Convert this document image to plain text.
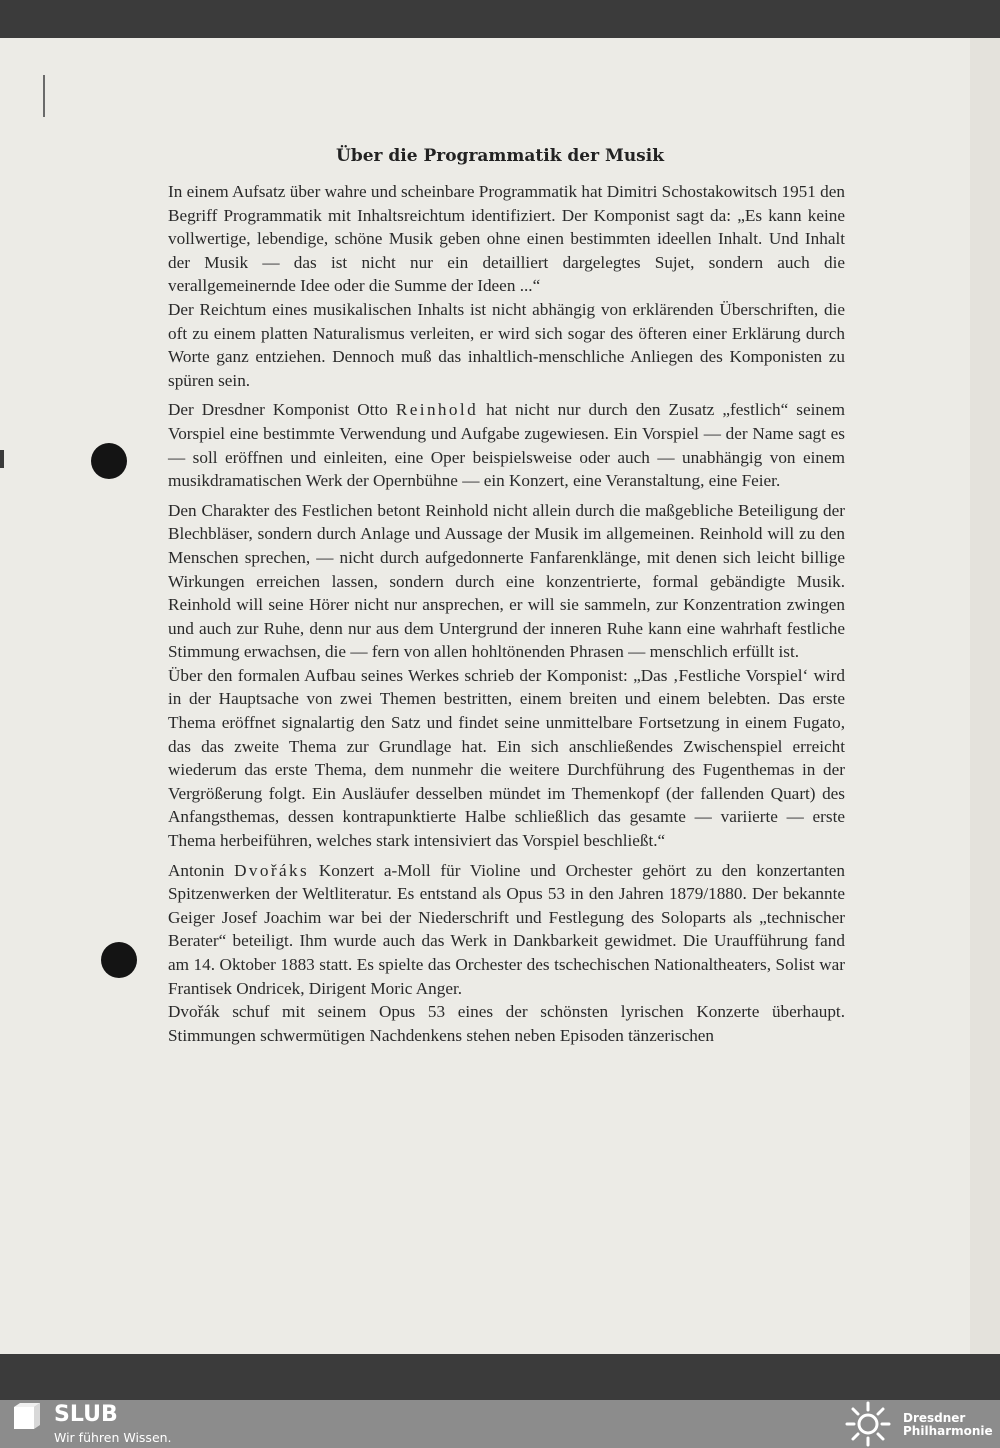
Über die Programmatik der Musik

In einem Aufsatz über wahre und scheinbare Programmatik hat Dimitri Schostakowitsch 1951 den Begriff Programmatik mit Inhaltsreichtum identifiziert. Der Komponist sagt da: „Es kann keine vollwertige, lebendige, schöne Musik geben ohne einen bestimmten ideellen Inhalt. Und Inhalt der Musik — das ist nicht nur ein detailliert dargelegtes Sujet, sondern auch die verallgemeinernde Idee oder die Summe der Ideen ...“

Der Reichtum eines musikalischen Inhalts ist nicht abhängig von erklärenden Überschriften, die oft zu einem platten Naturalismus verleiten, er wird sich sogar des öfteren einer Erklärung durch Worte ganz entziehen. Dennoch muß das inhaltlich-menschliche Anliegen des Komponisten zu spüren sein.

Der Dresdner Komponist Otto Reinhold hat nicht nur durch den Zusatz „festlich“ seinem Vorspiel eine bestimmte Verwendung und Aufgabe zugewiesen. Ein Vorspiel — der Name sagt es — soll eröffnen und einleiten, eine Oper beispielsweise oder auch — unabhängig von einem musikdramatischen Werk der Opernbühne — ein Konzert, eine Veranstaltung, eine Feier.

Den Charakter des Festlichen betont Reinhold nicht allein durch die maßgebliche Beteiligung der Blechbläser, sondern durch Anlage und Aussage der Musik im allgemeinen. Reinhold will zu den Menschen sprechen, — nicht durch aufgedonnerte Fanfarenklänge, mit denen sich leicht billige Wirkungen erreichen lassen, sondern durch eine konzentrierte, formal gebändigte Musik. Reinhold will seine Hörer nicht nur ansprechen, er will sie sammeln, zur Konzentration zwingen und auch zur Ruhe, denn nur aus dem Untergrund der inneren Ruhe kann eine wahrhaft festliche Stimmung erwachsen, die — fern von allen hohltönenden Phrasen — menschlich erfüllt ist.

Über den formalen Aufbau seines Werkes schrieb der Komponist: „Das ‚Festliche Vorspiel‘ wird in der Hauptsache von zwei Themen bestritten, einem breiten und einem belebten. Das erste Thema eröffnet signalartig den Satz und findet seine unmittelbare Fortsetzung in einem Fugato, das das zweite Thema zur Grundlage hat. Ein sich anschließendes Zwischenspiel erreicht wiederum das erste Thema, dem nunmehr die weitere Durchführung des Fugenthemas in der Vergrößerung folgt. Ein Ausläufer desselben mündet im Themenkopf (der fallenden Quart) des Anfangsthemas, dessen kontrapunktierte Halbe schließlich das gesamte — variierte — erste Thema herbeiführen, welches stark intensiviert das Vorspiel beschließt.“

Antonin Dvořáks Konzert a-Moll für Violine und Orchester gehört zu den konzertanten Spitzenwerken der Weltliteratur. Es entstand als Opus 53 in den Jahren 1879/1880. Der bekannte Geiger Josef Joachim war bei der Niederschrift und Festlegung des Soloparts als „technischer Berater“ beteiligt. Ihm wurde auch das Werk in Dankbarkeit gewidmet. Die Uraufführung fand am 14. Oktober 1883 statt. Es spielte das Orchester des tschechischen Nationaltheaters, Solist war Frantisek Ondricek, Dirigent Moric Anger.

Dvořák schuf mit seinem Opus 53 eines der schönsten lyrischen Konzerte überhaupt. Stimmungen schwermütigen Nachdenkens stehen neben Episoden tänzerischen

SLUB
Wir führen Wissen.
Dresdner
Philharmonie
